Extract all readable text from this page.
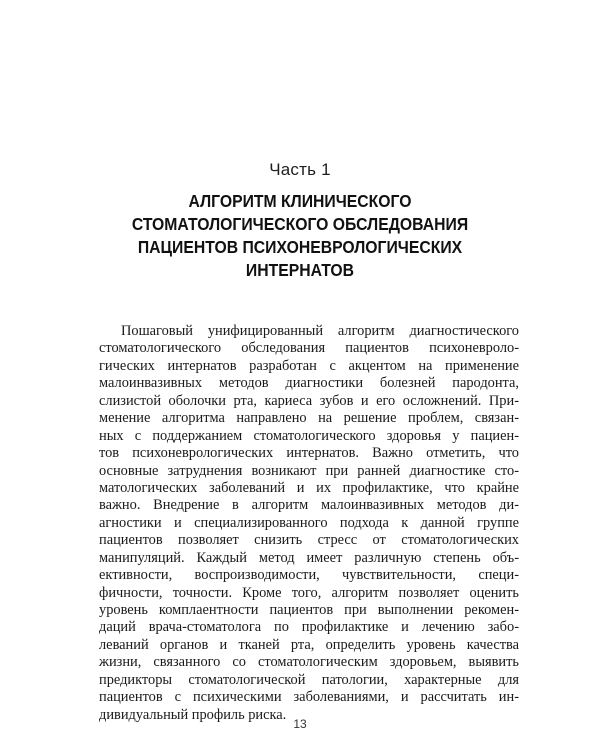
Часть 1
АЛГОРИТМ КЛИНИЧЕСКОГО
СТОМАТОЛОГИЧЕСКОГО ОБСЛЕДОВАНИЯ
ПАЦИЕНТОВ ПСИХОНЕВРОЛОГИЧЕСКИХ
ИНТЕРНАТОВ
Пошаговый унифицированный алгоритм диагностического
стоматологического обследования пациентов психоневроло-
гических интернатов разработан с акцентом на применение
малоинвазивных методов диагностики болезней пародонта,
слизистой оболочки рта, кариеса зубов и его осложнений. При-
менение алгоритма направлено на решение проблем, связан-
ных с поддержанием стоматологического здоровья у пациен-
тов психоневрологических интернатов. Важно отметить, что
основные затруднения возникают при ранней диагностике сто-
матологических заболеваний и их профилактике, что крайне
важно. Внедрение в алгоритм малоинвазивных методов ди-
агностики и специализированного подхода к данной группе
пациентов позволяет снизить стресс от стоматологических
манипуляций. Каждый метод имеет различную степень объ-
ективности, воспроизводимости, чувствительности, специ-
фичности, точности. Кроме того, алгоритм позволяет оценить
уровень комплаентности пациентов при выполнении рекомен-
даций врача-стоматолога по профилактике и лечению забо-
леваний органов и тканей рта, определить уровень качества
жизни, связанного со стоматологическим здоровьем, выявить
предикторы стоматологической патологии, характерные для
пациентов с психическими заболеваниями, и рассчитать ин-
дивидуальный профиль риска.
13
